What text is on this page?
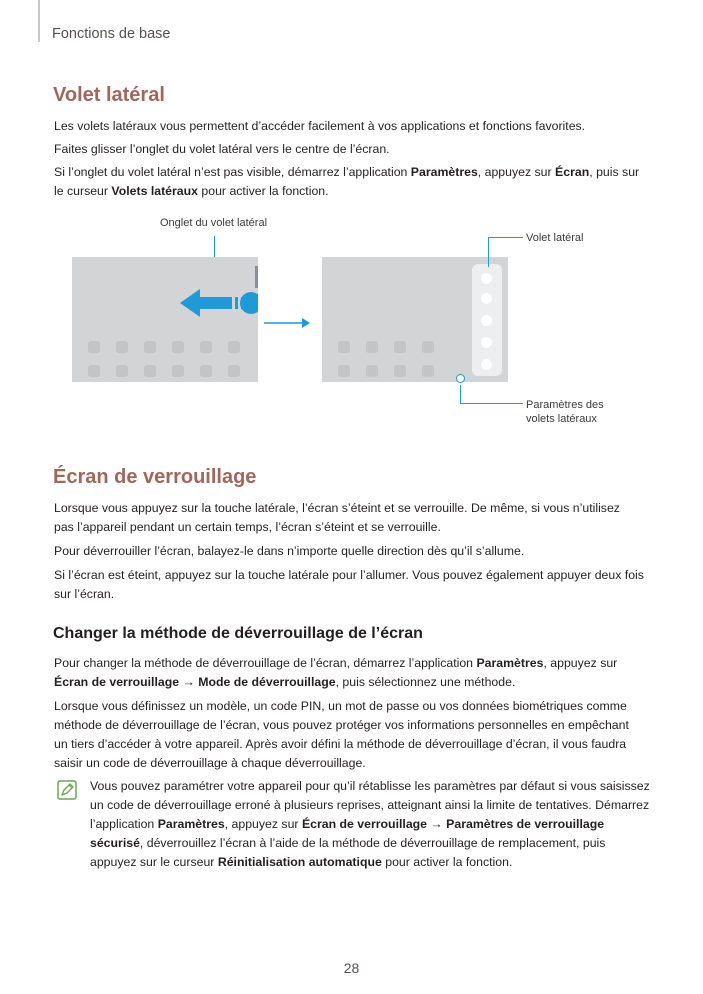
Fonctions de base
Volet latéral
Les volets latéraux vous permettent d’accéder facilement à vos applications et fonctions favorites.
Faites glisser l’onglet du volet latéral vers le centre de l’écran.
Si l’onglet du volet latéral n’est pas visible, démarrez l’application Paramètres, appuyez sur Écran, puis sur le curseur Volets latéraux pour activer la fonction.
Onglet du volet latéral
Volet latéral
Paramètres des
volets latéraux
Écran de verrouillage
Lorsque vous appuyez sur la touche latérale, l’écran s’éteint et se verrouille. De même, si vous n’utilisez pas l’appareil pendant un certain temps, l’écran s’éteint et se verrouille.
Pour déverrouiller l’écran, balayez-le dans n’importe quelle direction dès qu’il s’allume.
Si l’écran est éteint, appuyez sur la touche latérale pour l’allumer. Vous pouvez également appuyer deux fois sur l’écran.
Changer la méthode de déverrouillage de l’écran
Pour changer la méthode de déverrouillage de l’écran, démarrez l’application Paramètres, appuyez sur Écran de verrouillage → Mode de déverrouillage, puis sélectionnez une méthode.
Lorsque vous définissez un modèle, un code PIN, un mot de passe ou vos données biométriques comme méthode de déverrouillage de l’écran, vous pouvez protéger vos informations personnelles en empêchant un tiers d’accéder à votre appareil. Après avoir défini la méthode de déverrouillage d’écran, il vous faudra saisir un code de déverrouillage à chaque déverrouillage.
Vous pouvez paramétrer votre appareil pour qu’il rétablisse les paramètres par défaut si vous saisissez un code de déverrouillage erroné à plusieurs reprises, atteignant ainsi la limite de tentatives. Démarrez l’application Paramètres, appuyez sur Écran de verrouillage → Paramètres de verrouillage sécurisé, déverrouillez l’écran à l’aide de la méthode de déverrouillage de remplacement, puis appuyez sur le curseur Réinitialisation automatique pour activer la fonction.
28
